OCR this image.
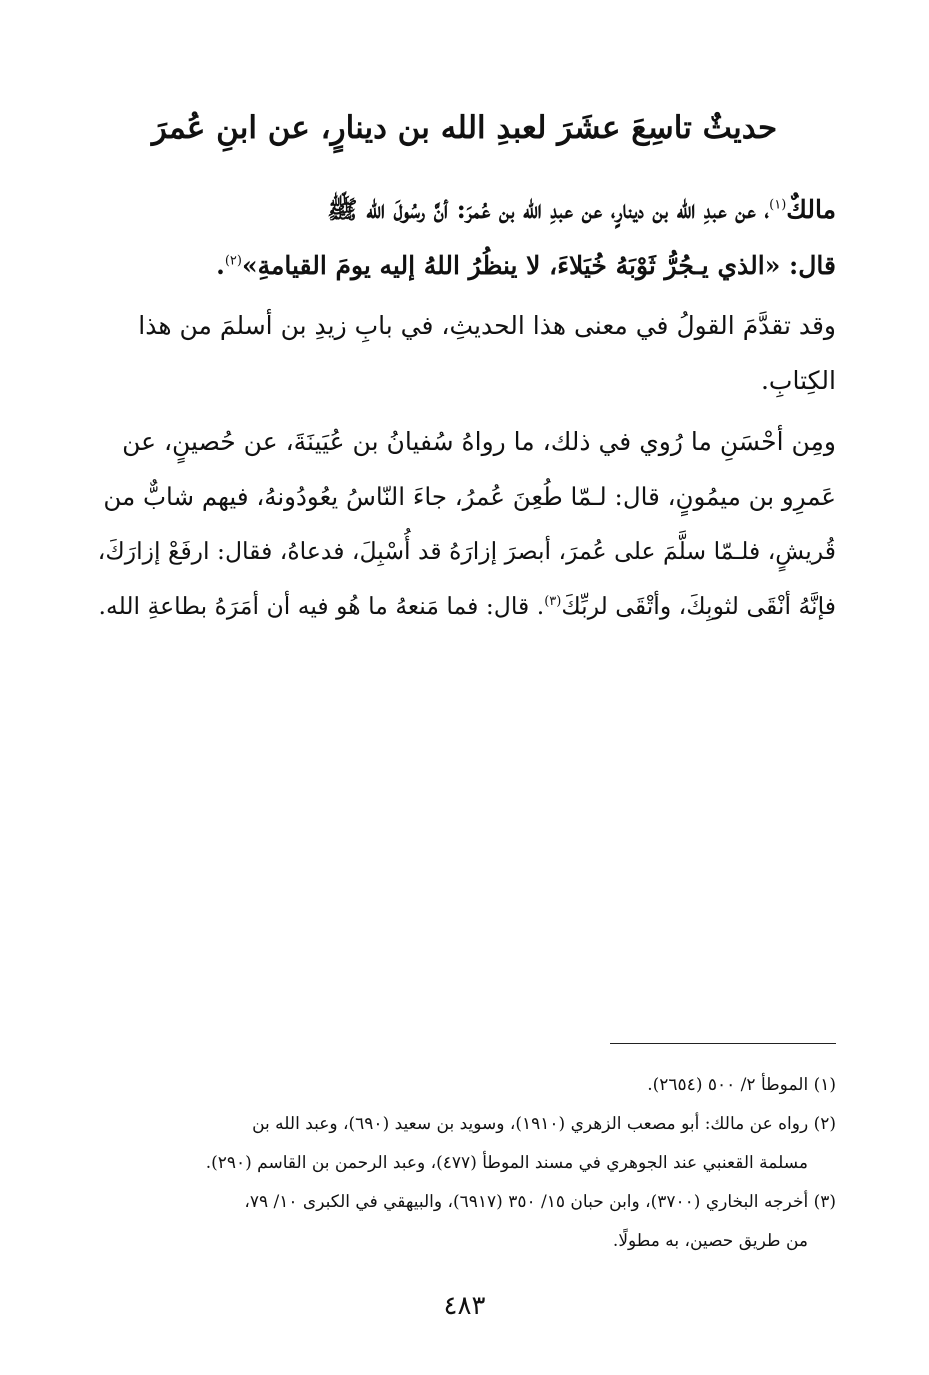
حديثٌ تاسِعَ عشَرَ لعبدِ الله بن دينارٍ، عن ابنِ عُمرَ
مالكٌ$^{(١)}$، عن عبدِ الله بن دينارٍ، عن عبدِ الله بن عُمرَ: أنَّ رسُولَ الله ﷺ
قال: «الذي يـجُرُّ ثَوْبَهُ خُيَلاءَ، لا ينظُرُ اللهُ إليه يومَ القيامةِ»$^{(٢)}$.
وقد تقدَّمَ القولُ في معنى هذا الحديثِ، في بابِ زيدِ بن أسلمَ من هذا
الكِتابِ.
ومِن أحْسَنِ ما رُوي في ذلك، ما رواهُ سُفيانُ بن عُيَينَةَ، عن حُصينٍ، عن
عَمرِو بن ميمُونٍ، قال: لـمّا طُعِنَ عُمرُ، جاءَ النّاسُ يعُودُونهُ، فيهم شابٌّ من
قُريشٍ، فلـمّا سلَّمَ على عُمرَ، أبصرَ إزارَهُ قد أُسْبِلَ، فدعاهُ، فقال: ارفَعْ إزارَكَ،
فإنَّهُ أنْقَى لثوبِكَ، وأتْقَى لربِّكَ$^{(٣)}$. قال: فما مَنعهُ ما هُو فيه أن أمَرَهُ بطاعةِ الله.
(١) الموطأ ٢/ ٥٠٠ (٢٦٥٤).
(٢) رواه عن مالك: أبو مصعب الزهري (١٩١٠)، وسويد بن سعيد (٦٩٠)، وعبد الله بن
مسلمة القعنبي عند الجوهري في مسند الموطأ (٤٧٧)، وعبد الرحمن بن القاسم (٢٩٠).
(٣) أخرجه البخاري (٣٧٠٠)، وابن حبان ١٥/ ٣٥٠ (٦٩١٧)، والبيهقي في الكبرى ١٠/ ٧٩،
من طريق حصين، به مطولًا.
٤٨٣
